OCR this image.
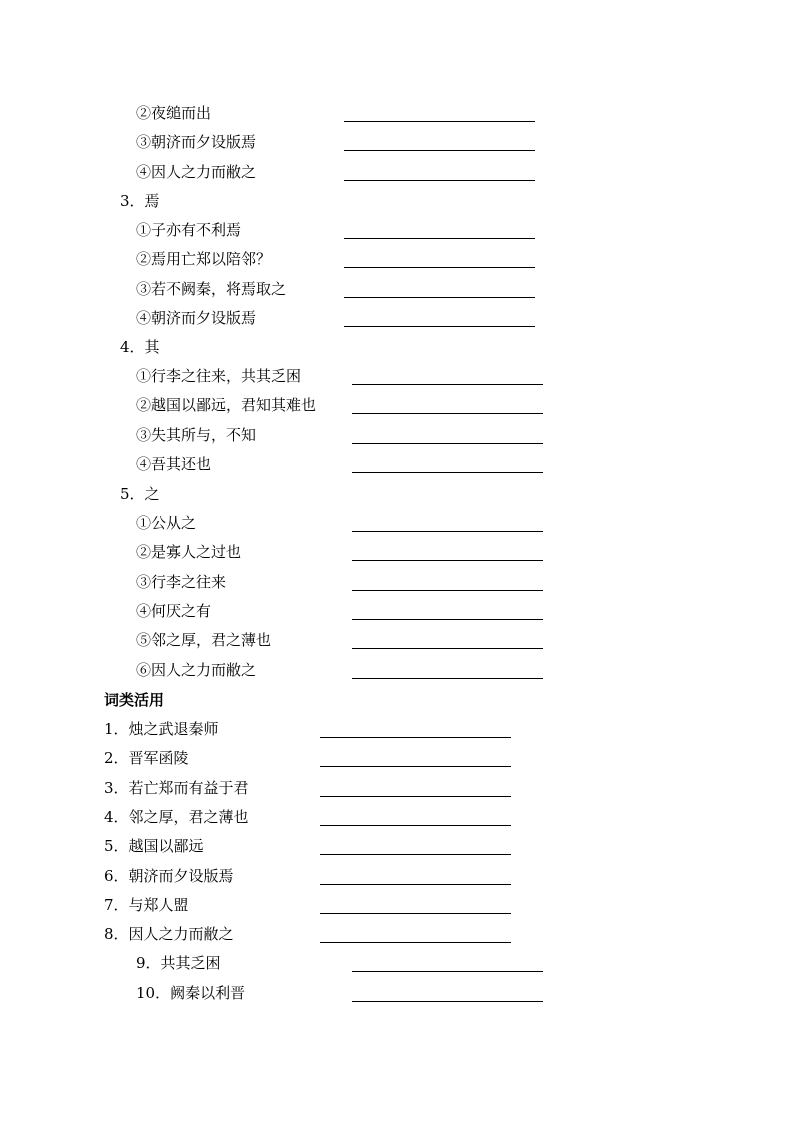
②夜缒而出
③朝济而夕设版焉
④因人之力而敝之
3．焉
①子亦有不利焉
②焉用亡郑以陪邻？
③若不阙秦，将焉取之
④朝济而夕设版焉
4．其
①行李之往来，共其乏困
②越国以鄙远，君知其难也
③失其所与，不知
④吾其还也
5．之
①公从之
②是寡人之过也
③行李之往来
④何厌之有
⑤邻之厚，君之薄也
⑥因人之力而敝之
词类活用
1．烛之武退秦师
2．晋军函陵
3．若亡郑而有益于君
4．邻之厚，君之薄也
5．越国以鄙远
6．朝济而夕设版焉
7．与郑人盟
8．因人之力而敝之
9．共其乏困
10．阙秦以利晋
